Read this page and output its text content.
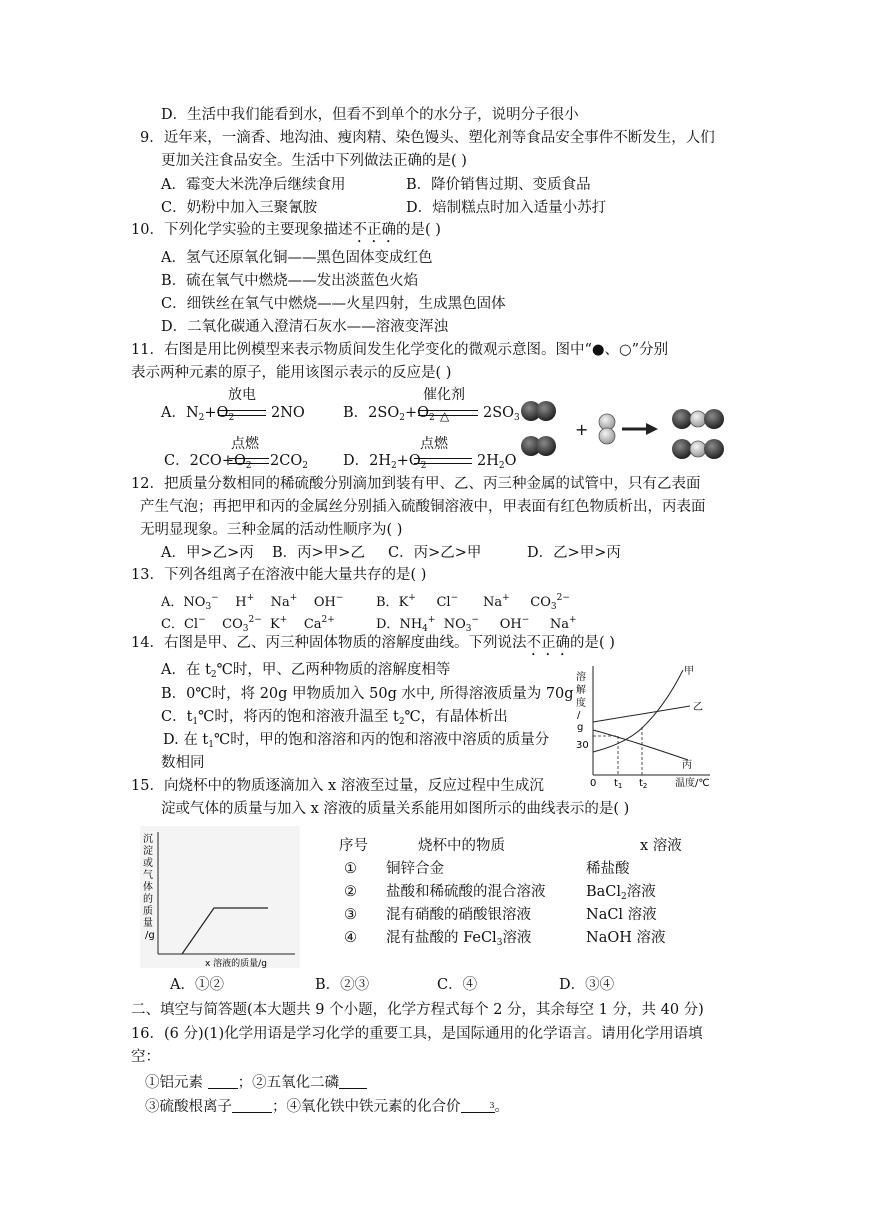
D．生活中我们能看到水，但看不到单个的水分子，说明分子很小
9．近年来，一滴香、地沟油、瘦肉精、染色馒头、塑化剂等食品安全事件不断发生，人们
更加关注食品安全。生活中下列做法正确的是( )
A．霉变大米洗净后继续食用	B．降价销售过期、变质食品
C．奶粉中加入三聚氰胺	D．焙制糕点时加入适量小苏打
10．下列化学实验的主要现象描述不正确的是( )
A．氢气还原氧化铜——黑色固体变成红色
B．硫在氧气中燃烧——发出淡蓝色火焰
C．细铁丝在氧气中燃烧——火星四射，生成黑色固体
D．二氧化碳通入澄清石灰水——溶液变浑浊
11．右图是用比例模型来表示物质间发生化学变化的微观示意图。图中“●、○”分别
表示两种元素的原子，能用该图示表示的反应是( )
放电
A．$N_2+O_2$	2NO
催化剂
B．$2SO_2+O_2$ △ $2SO_3$
点燃
C．$2CO+O_2$ $2CO_2$
点燃
D．$2H_2+O_2$	$2H_2O$
+
12．把质量分数相同的稀硫酸分别滴加到装有甲、乙、丙三种金属的试管中，只有乙表面
产生气泡；再把甲和丙的金属丝分别插入硫酸铜溶液中，甲表面有红色物质析出，丙表面
无明显现象。三种金属的活动性顺序为( )
A．甲>乙>丙 B．丙>甲>乙 C．丙>乙>甲	D．乙>甲>丙
13．下列各组离子在溶液中能大量共存的是( )
A．$NO_3^-$    H+    Na+    OH−	B．K+     Cl−      Na+     $CO_3^{2-}$
C．Cl−    $CO_3^{2-}$  K+    $Ca^{2+}$	D．$NH_4^+$  $NO_3^-$     OH−     Na+
14．右图是甲、乙、丙三种固体物质的溶解度曲线。下列说法不正确的是( )
A．在 $t_2℃$时，甲、乙两种物质的溶解度相等
B．0℃时，将 20g 甲物质加入 50g 水中, 所得溶液质量为 70g
C．$t_1℃$时，将丙的饱和溶液升温至 $t_2℃$，有晶体析出
D. 在 $t_1℃$时，甲的饱和溶溶和丙的饱和溶液中溶质的质量分
数相同
溶
解
度
/
g
30
0 $t_1$ $t_2$	温度/℃
甲
乙
丙
15．向烧杯中的物质逐滴加入 x 溶液至过量，反应过程中生成沉
淀或气体的质量与加入 x 溶液的质量关系能用如图所示的曲线表示的是( )
沉
淀
或
气
体
的
质
量
/g
x 溶液的质量/g
序号	烧杯中的物质	x 溶液
① 铜锌合金	稀盐酸
② 盐酸和稀硫酸的混合溶液	BaCl$_2$溶液
③ 混有硝酸的硝酸银溶液	NaCl 溶液
④ 混有盐酸的 FeCl$_3$溶液	NaOH 溶液
A．①②	B．②③	C．④	D．③④
二、填空与简答题(本大题共 9 个小题，化学方程式每个 2 分，其余每空 1 分，共 40 分)
16．(6 分)(1)化学用语是学习化学的重要工具，是国际通用的化学语言。请用化学用语填
空：
①铝元素 ；②五氧化二磷
③硫酸根离子	；④氧化铁中铁元素的化合价	3 。
